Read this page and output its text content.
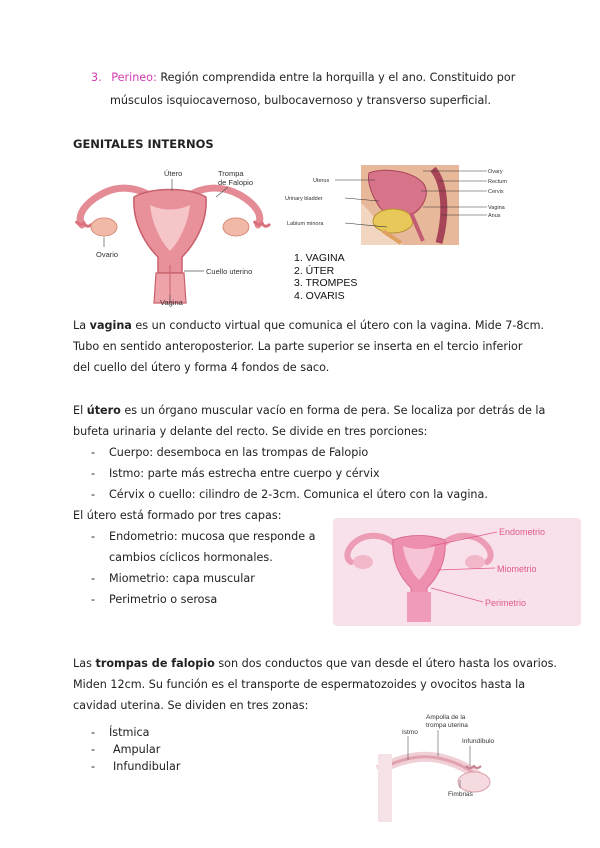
3. Perineo: Región comprendida entre la horquilla y el ano. Constituido por
músculos isquiocavernoso, bulbocavernoso y transverso superficial.
GENITALES INTERNOS
Útero	Trompa
de Falopio
Ovario
Cuello uterino
Vagina
Uterus
Urinary bladder
Labium minora
Ovary
Rectum
Cervix
Vagina
Anus
1. VAGINA
2. ÚTER
3. TROMPES
4. OVARIS
La vagina es un conducto virtual que comunica el útero con la vagina. Mide 7-8cm.
Tubo en sentido anteroposterior. La parte superior se inserta en el tercio inferior
del cuello del útero y forma 4 fondos de saco.
El útero es un órgano muscular vacío en forma de pera. Se localiza por detrás de la
bufeta urinaria y delante del recto. Se divide en tres porciones:
- Cuerpo: desemboca en las trompas de Falopio
- Istmo: parte más estrecha entre cuerpo y cérvix
- Cérvix o cuello: cilindro de 2-3cm. Comunica el útero con la vagina.
El útero está formado por tres capas:
- Endometrio: mucosa que responde a
cambios cíclicos hormonales.
- Miometrio: capa muscular
- Perimetrio o serosa
Endometrio
Miometrio
Perimetrio
Las trompas de falopio son dos conductos que van desde el útero hasta los ovarios.
Miden 12cm. Su función es el transporte de espermatozoides y ovocitos hasta la
cavidad uterina. Se dividen en tres zonas:
- Ístmica
- Ampular
- Infundibular
Ampolla de la
trompa uterina
Istmo
Infundíbulo
Fimbrias
